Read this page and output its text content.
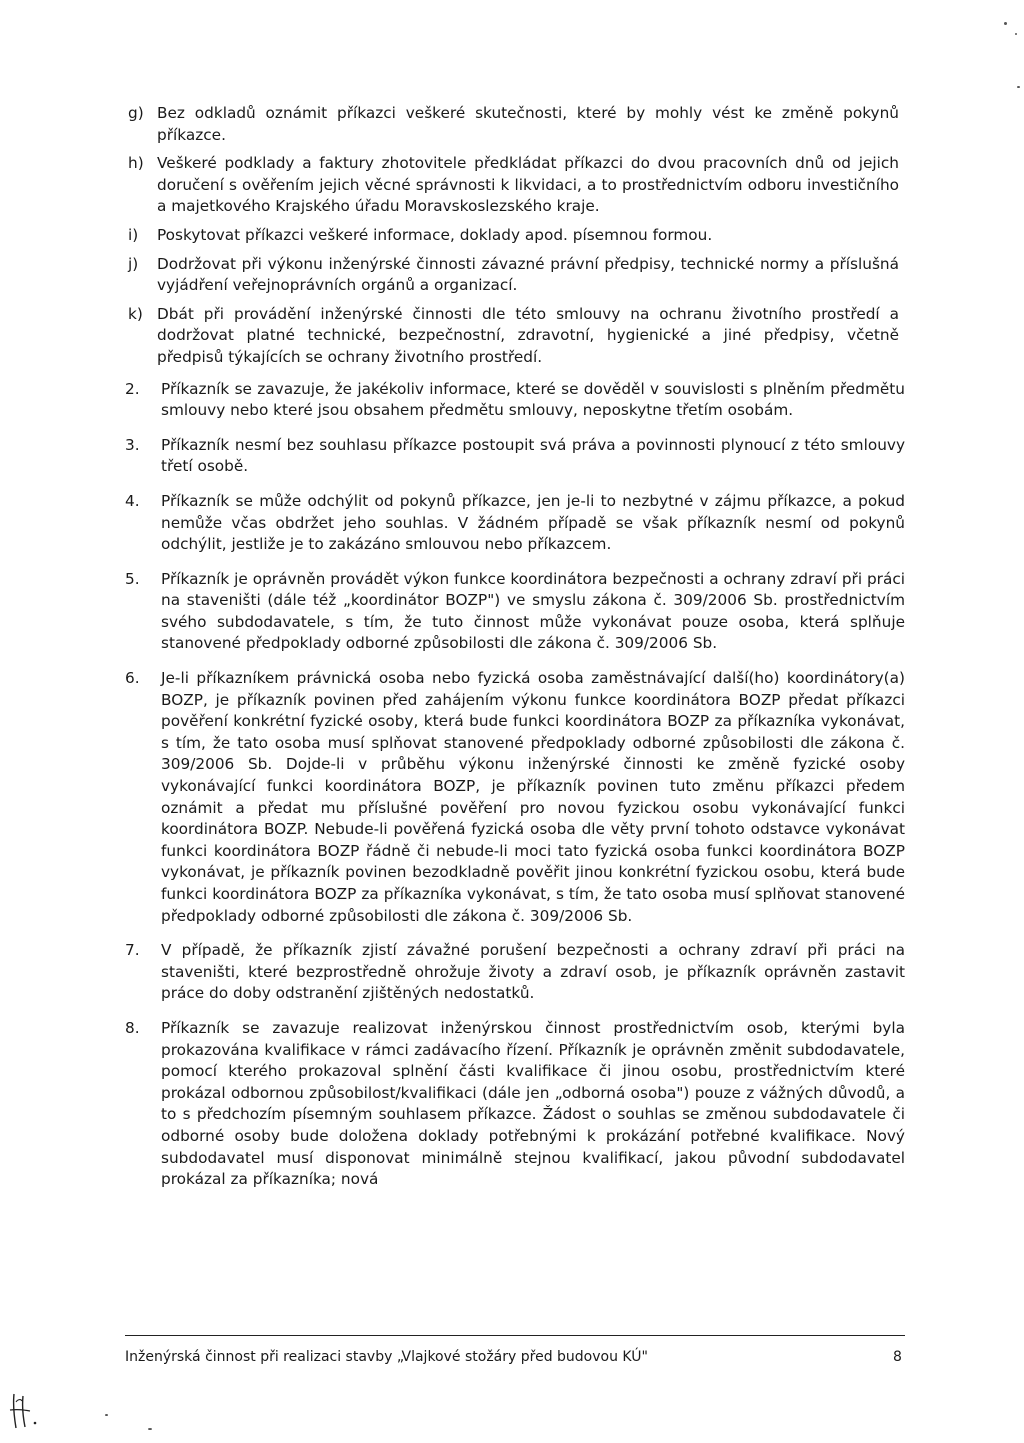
g) Bez odkladů oznámit příkazci veškeré skutečnosti, které by mohly vést ke změně pokynů příkazce.
h) Veškeré podklady a faktury zhotovitele předkládat příkazci do dvou pracovních dnů od jejich doručení s ověřením jejich věcné správnosti k likvidaci, a to prostřednictvím odboru investičního a majetkového Krajského úřadu Moravskoslezského kraje.
i)	Poskytovat příkazci veškeré informace, doklady apod. písemnou formou.
j)	Dodržovat při výkonu inženýrské činnosti závazné právní předpisy, technické normy a příslušná vyjádření veřejnoprávních orgánů a organizací.
k) Dbát při provádění inženýrské činnosti dle této smlouvy na ochranu životního prostředí a dodržovat platné technické, bezpečnostní, zdravotní, hygienické a jiné předpisy, včetně předpisů týkajících se ochrany životního prostředí.
2.	Příkazník se zavazuje, že jakékoliv informace, které se dověděl v souvislosti s plněním předmětu smlouvy nebo které jsou obsahem předmětu smlouvy, neposkytne třetím osobám.
3.	Příkazník nesmí bez souhlasu příkazce postoupit svá práva a povinnosti plynoucí z této smlouvy třetí osobě.
4.	Příkazník se může odchýlit od pokynů příkazce, jen je-li to nezbytné v zájmu příkazce, a pokud nemůže včas obdržet jeho souhlas. V žádném případě se však příkazník nesmí od pokynů odchýlit, jestliže je to zakázáno smlouvou nebo příkazcem.
5.	Příkazník je oprávněn provádět výkon funkce koordinátora bezpečnosti a ochrany zdraví při práci na staveništi (dále též „koordinátor BOZP") ve smyslu zákona č. 309/2006 Sb. prostřednictvím svého subdodavatele, s tím, že tuto činnost může vykonávat pouze osoba, která splňuje stanovené předpoklady odborné způsobilosti dle zákona č. 309/2006 Sb.
6.	Je-li příkazníkem právnická osoba nebo fyzická osoba zaměstnávající další(ho) koordinátory(a) BOZP, je příkazník povinen před zahájením výkonu funkce koordinátora BOZP předat příkazci pověření konkrétní fyzické osoby, která bude funkci koordinátora BOZP za příkazníka vykonávat, s tím, že tato osoba musí splňovat stanovené předpoklady odborné způsobilosti dle zákona č. 309/2006 Sb. Dojde-li v průběhu výkonu inženýrské činnosti ke změně fyzické osoby vykonávající funkci koordinátora BOZP, je příkazník povinen tuto změnu příkazci předem oznámit a předat mu příslušné pověření pro novou fyzickou osobu vykonávající funkci koordinátora BOZP. Nebude-li pověřená fyzická osoba dle věty první tohoto odstavce vykonávat funkci koordinátora BOZP řádně či nebude-li moci tato fyzická osoba funkci koordinátora BOZP vykonávat, je příkazník povinen bezodkladně pověřit jinou konkrétní fyzickou osobu, která bude funkci koordinátora BOZP za příkazníka vykonávat, s tím, že tato osoba musí splňovat stanovené předpoklady odborné způsobilosti dle zákona č. 309/2006 Sb.
7.	V případě, že příkazník zjistí závažné porušení bezpečnosti a ochrany zdraví při práci na staveništi, které bezprostředně ohrožuje životy a zdraví osob, je příkazník oprávněn zastavit práce do doby odstranění zjištěných nedostatků.
8.	Příkazník se zavazuje realizovat inženýrskou činnost prostřednictvím osob, kterými byla prokazována kvalifikace v rámci zadávacího řízení. Příkazník je oprávněn změnit subdodavatele, pomocí kterého prokazoval splnění části kvalifikace či jinou osobu, prostřednictvím které prokázal odbornou způsobilost/kvalifikaci (dále jen „odborná osoba") pouze z vážných důvodů, a to s předchozím písemným souhlasem příkazce. Žádost o souhlas se změnou subdodavatele či odborné osoby bude doložena doklady potřebnými k prokázání potřebné kvalifikace. Nový subdodavatel musí disponovat minimálně stejnou kvalifikací, jakou původní subdodavatel prokázal za příkazníka; nová
Inženýrská činnost při realizaci stavby „Vlajkové stožáry před budovou KÚ"	8
